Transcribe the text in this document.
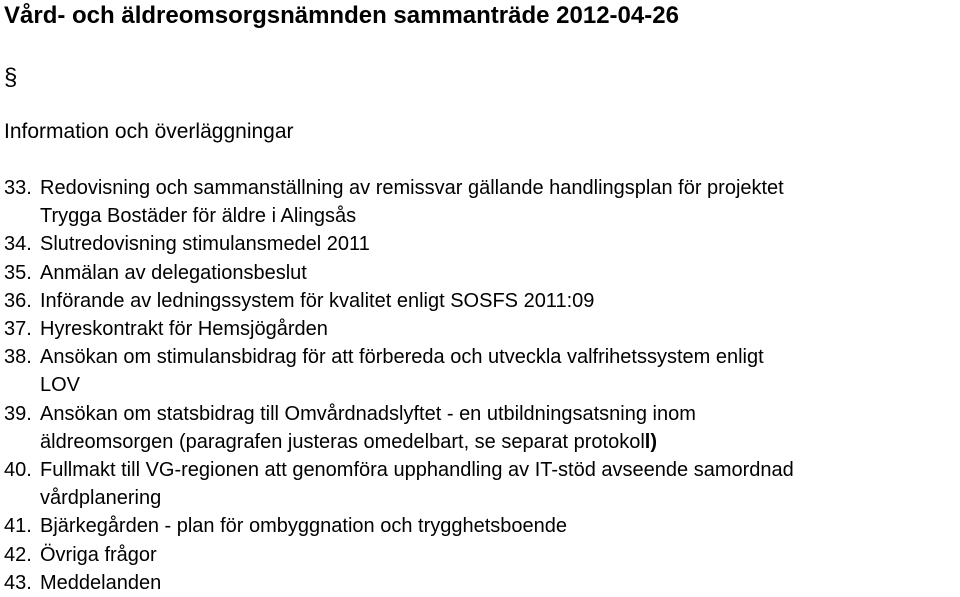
Vård- och äldreomsorgsnämnden sammanträde 2012-04-26
§
Information och överläggningar
33. Redovisning och sammanställning av remissvar gällande handlingsplan för projektet
Trygga Bostäder för äldre i Alingsås
34. Slutredovisning stimulansmedel 2011
35. Anmälan av delegationsbeslut
36. Införande av ledningssystem för kvalitet enligt SOSFS 2011:09
37. Hyreskontrakt för Hemsjögården
38. Ansökan om stimulansbidrag för att förbereda och utveckla valfrihetssystem enligt
LOV
39. Ansökan om statsbidrag till Omvårdnadslyftet - en utbildningsatsning inom
äldreomsorgen (paragrafen justeras omedelbart, se separat protokoll)
40. Fullmakt till VG-regionen att genomföra upphandling av IT-stöd avseende samordnad
vårdplanering
41. Bjärkegården - plan för ombyggnation och trygghetsboende
42. Övriga frågor
43. Meddelanden
